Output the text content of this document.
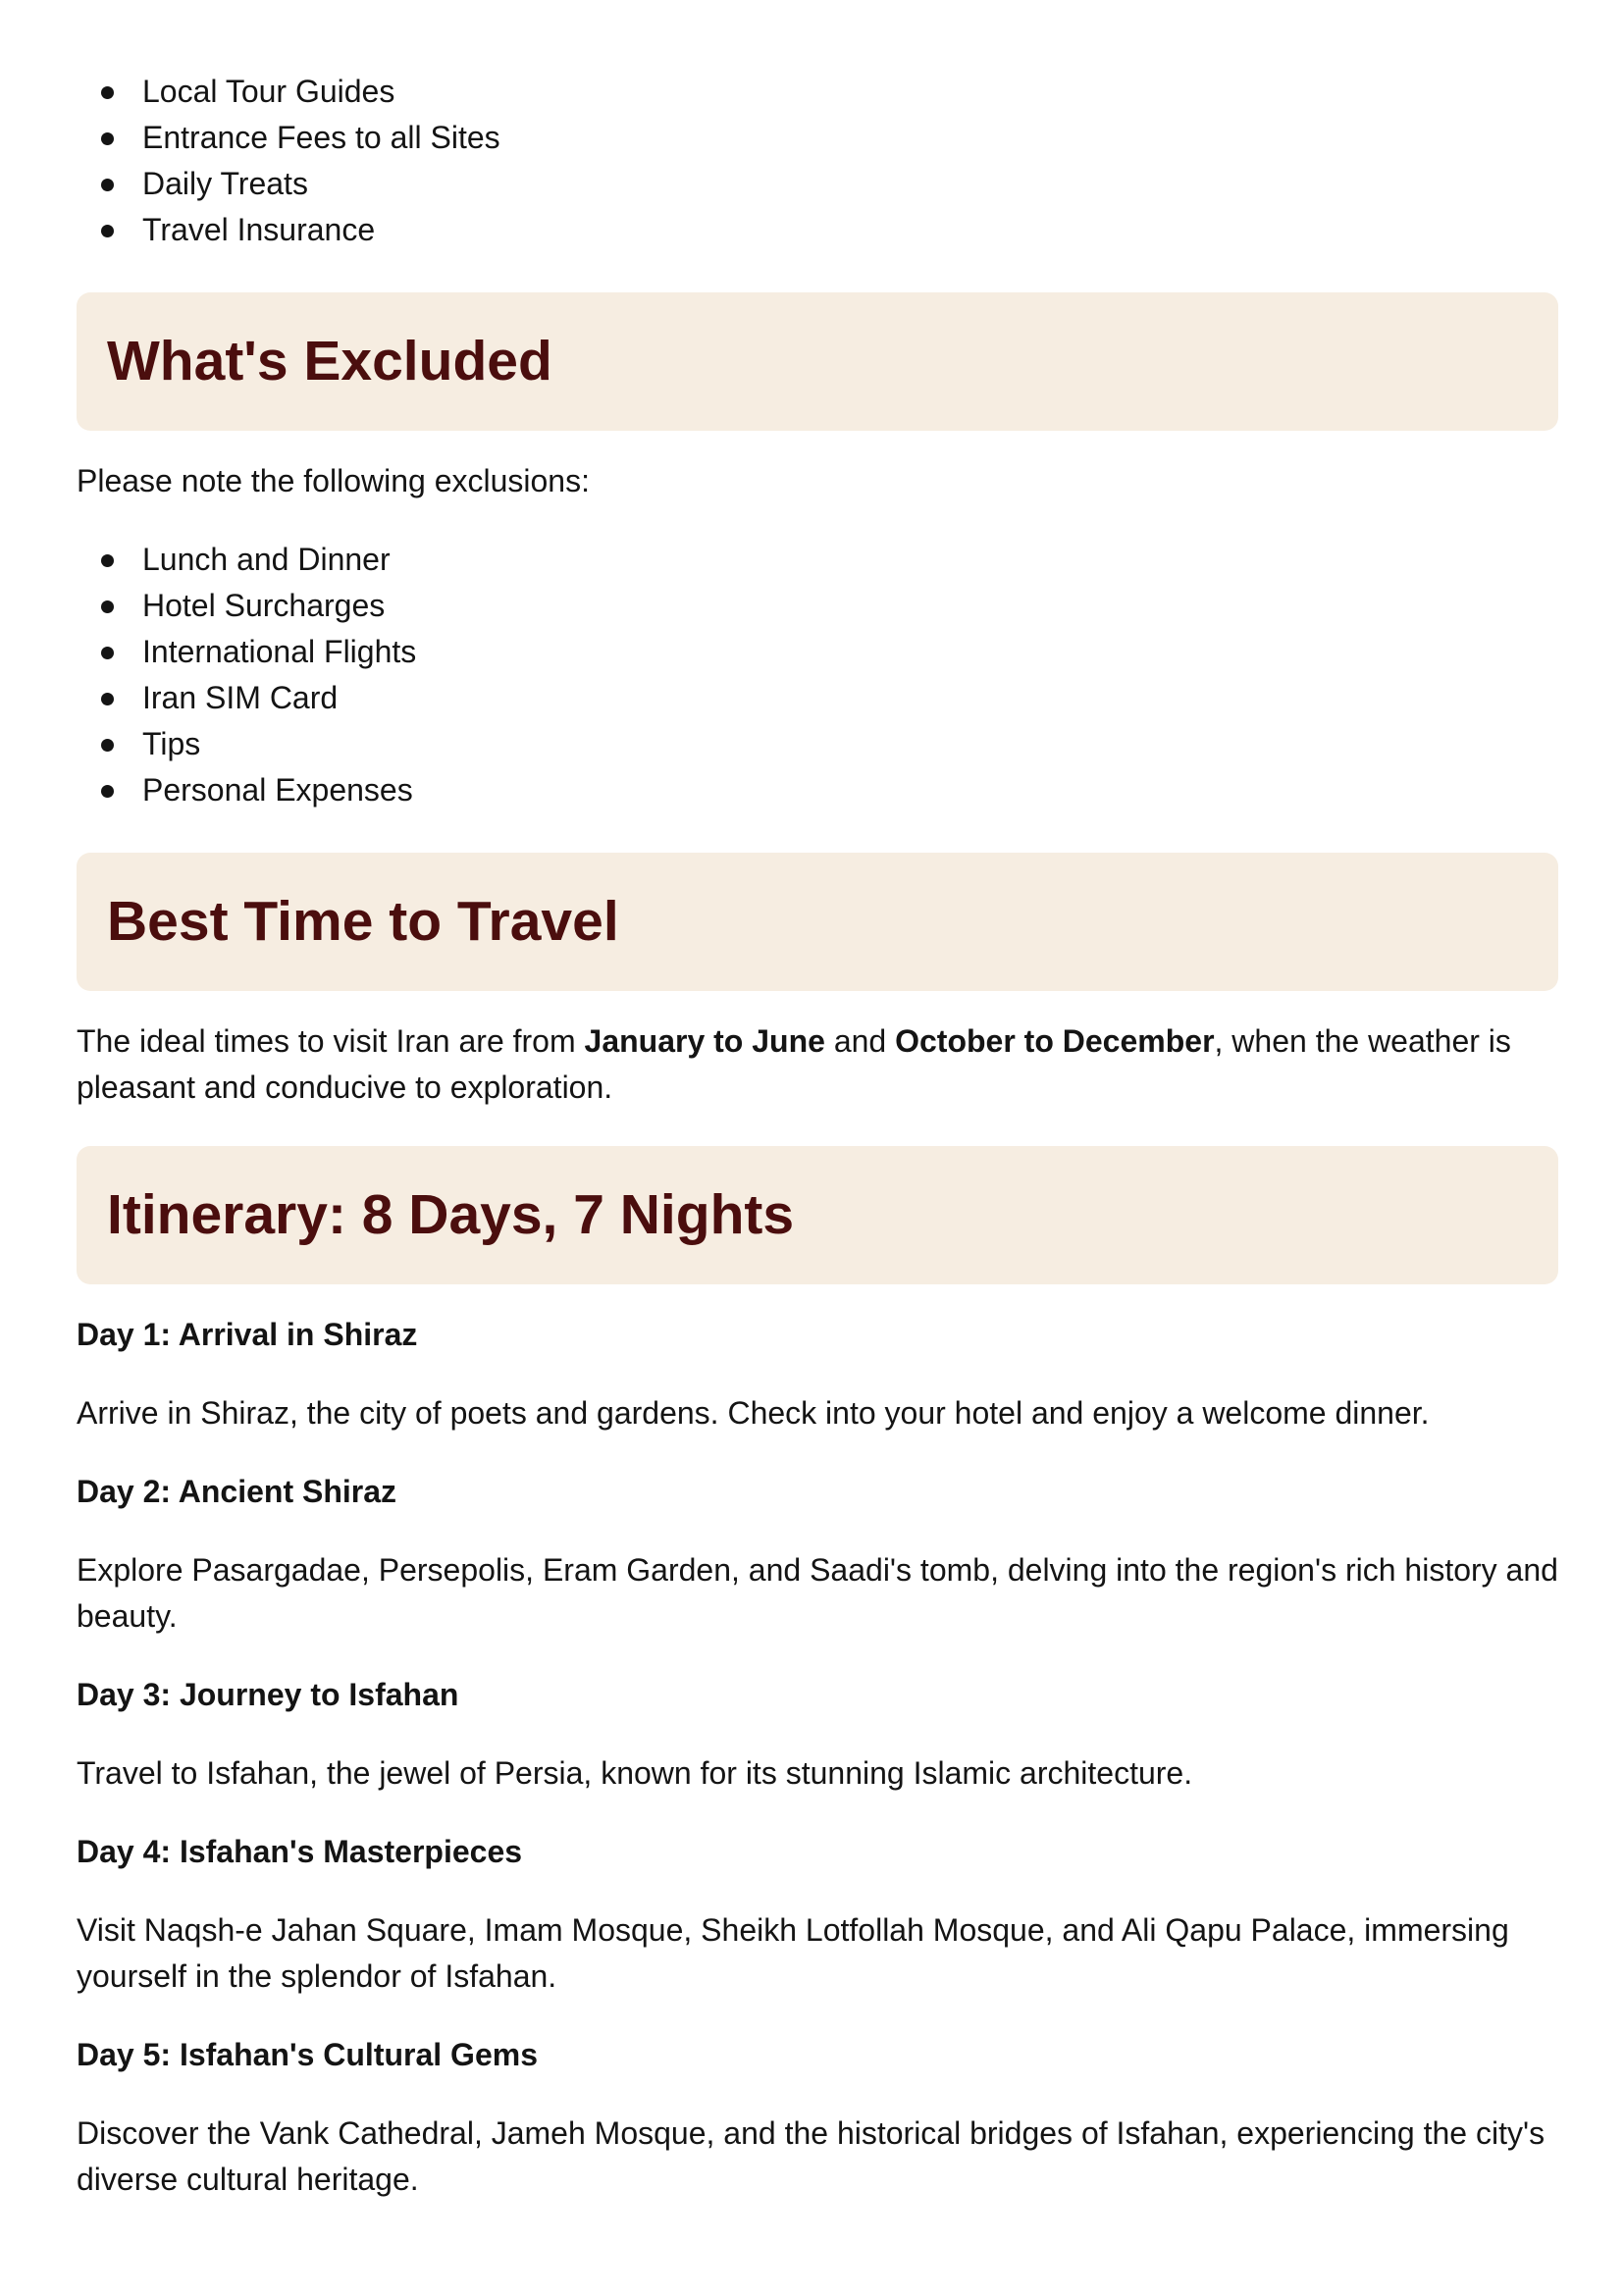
Local Tour Guides
Entrance Fees to all Sites
Daily Treats
Travel Insurance
What's Excluded

Please note the following exclusions:

Lunch and Dinner
Hotel Surcharges
International Flights
Iran SIM Card
Tips
Personal Expenses
Best Time to Travel

The ideal times to visit Iran are from January to June and October to December, when the weather is pleasant and conducive to exploration.

Itinerary: 8 Days, 7 Nights
Day 1: Arrival in Shiraz

Arrive in Shiraz, the city of poets and gardens. Check into your hotel and enjoy a welcome dinner.

Day 2: Ancient Shiraz

Explore Pasargadae, Persepolis, Eram Garden, and Saadi's tomb, delving into the region's rich history and beauty.

Day 3: Journey to Isfahan

Travel to Isfahan, the jewel of Persia, known for its stunning Islamic architecture.

Day 4: Isfahan's Masterpieces

Visit Naqsh-e Jahan Square, Imam Mosque, Sheikh Lotfollah Mosque, and Ali Qapu Palace, immersing yourself in the splendor of Isfahan.

Day 5: Isfahan's Cultural Gems

Discover the Vank Cathedral, Jameh Mosque, and the historical bridges of Isfahan, experiencing the city's diverse cultural heritage.
